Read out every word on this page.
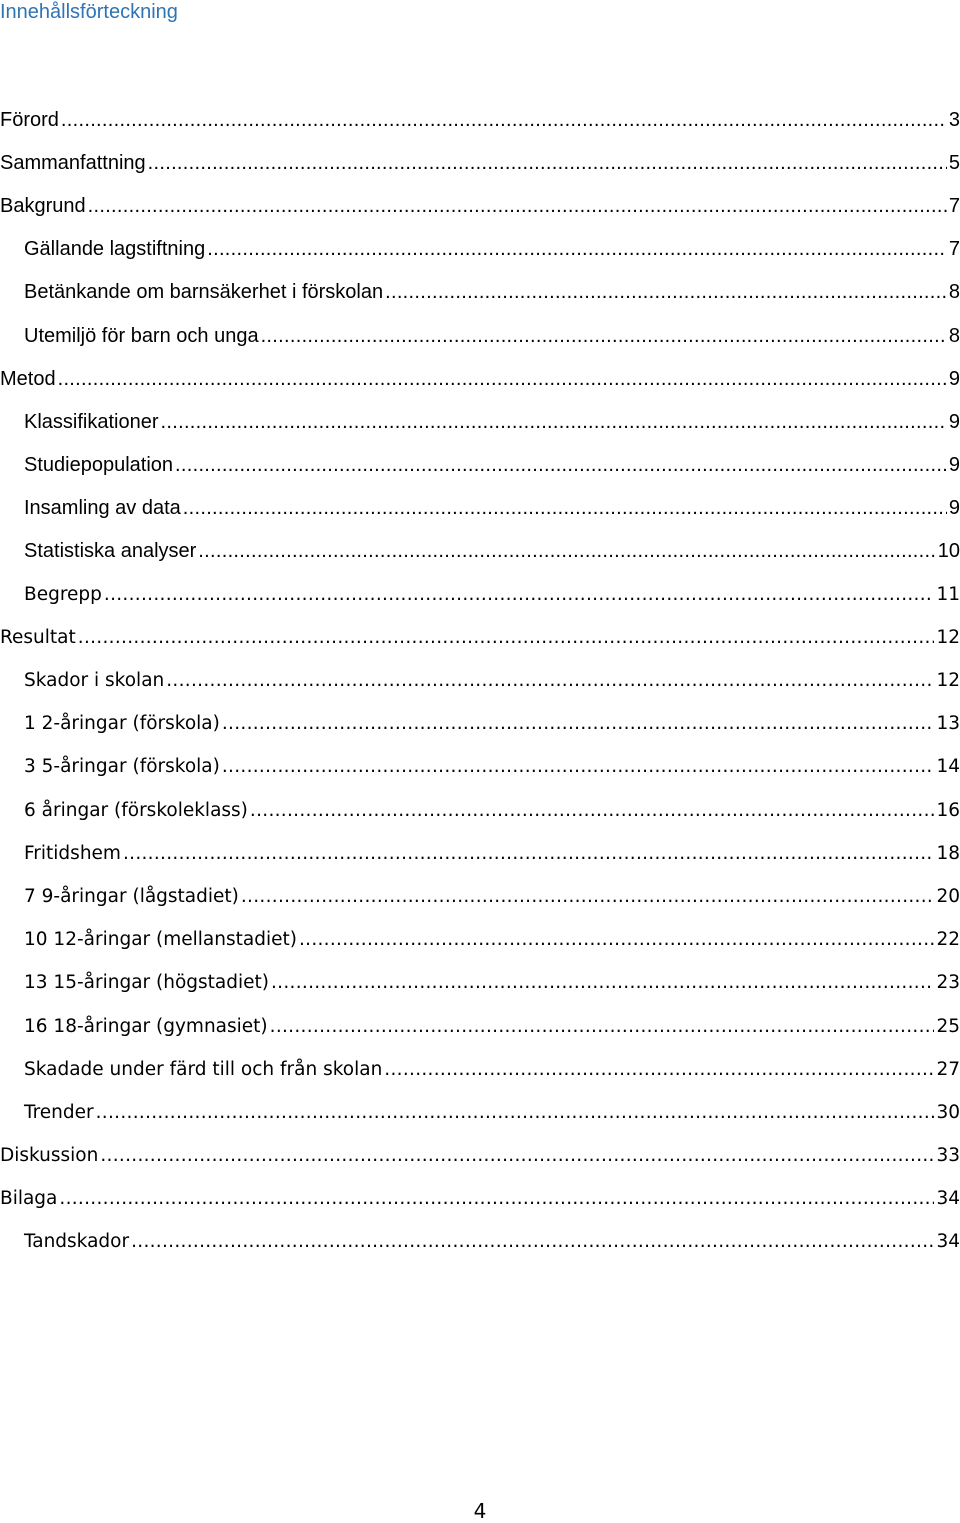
Innehållsförteckning
Förord .....	3
Sammanfattning .....	5
Bakgrund .....	7
Gällande lagstiftning .....	7
Betänkande om barnsäkerhet i förskolan .....	8
Utemiljö för barn och unga .....	8
Metod .....	9
Klassifikationer .....	9
Studiepopulation .....	9
Insamling av data .....	9
Statistiska analyser .....	10
Begrepp .....	11
Resultat .....	12
Skador i skolan .....	12
1 2-åringar (förskola) .....	13
3 5-åringar (förskola) .....	14
6 åringar (förskoleklass) .....	16
Fritidshem .....	18
7 9-åringar (lågstadiet) .....	20
10 12-åringar (mellanstadiet) .....	22
13 15-åringar (högstadiet) .....	23
16 18-åringar (gymnasiet) .....	25
Skadade under färd till och från skolan .....	27
Trender .....	30
Diskussion .....	33
Bilaga .....	34
Tandskador .....	34
4
